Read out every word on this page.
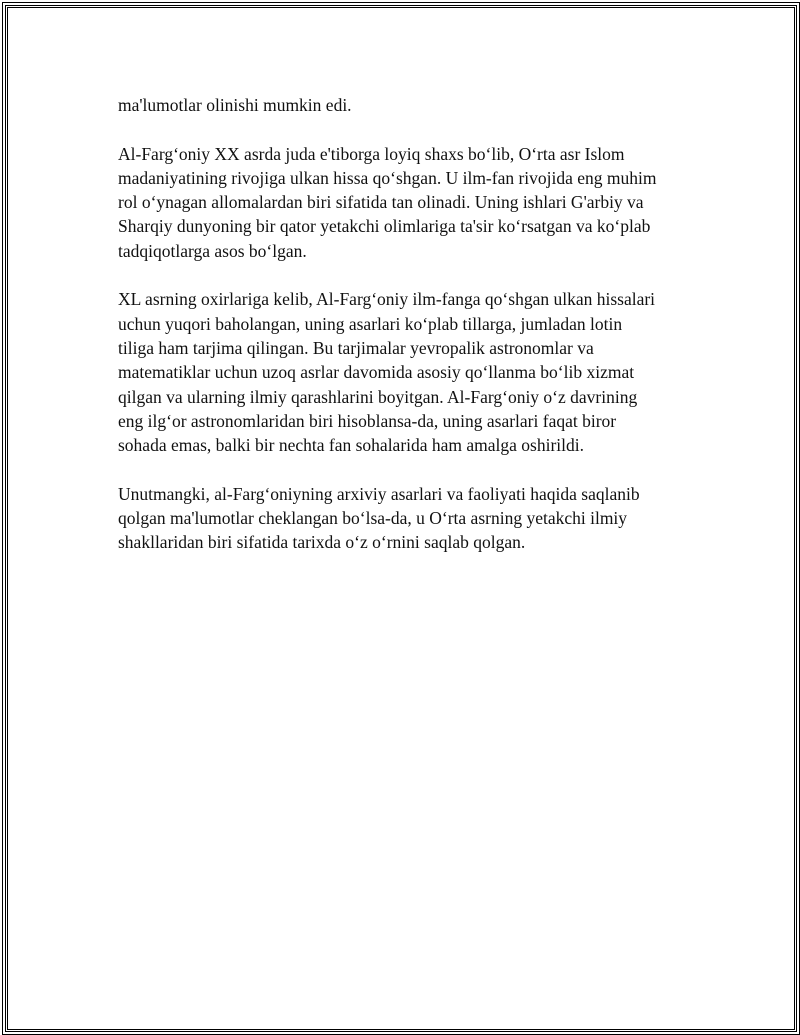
ma'lumotlar olinishi mumkin edi.

Al-Farg‘oniy XX asrda juda e'tiborga loyiq shaxs bo‘lib, O‘rta asr Islom
madaniyatining rivojiga ulkan hissa qo‘shgan. U ilm-fan rivojida eng muhim
rol o‘ynagan allomalardan biri sifatida tan olinadi. Uning ishlari G'arbiy va
Sharqiy dunyoning bir qator yetakchi olimlariga ta'sir ko‘rsatgan va ko‘plab
tadqiqotlarga asos bo‘lgan.

XL asrning oxirlariga kelib, Al-Farg‘oniy ilm-fanga qo‘shgan ulkan hissalari
uchun yuqori baholangan, uning asarlari ko‘plab tillarga, jumladan lotin
tiliga ham tarjima qilingan. Bu tarjimalar yevropalik astronomlar va
matematiklar uchun uzoq asrlar davomida asosiy qo‘llanma bo‘lib xizmat
qilgan va ularning ilmiy qarashlarini boyitgan. Al-Farg‘oniy o‘z davrining
eng ilg‘or astronomlaridan biri hisoblansa-da, uning asarlari faqat biror
sohada emas, balki bir nechta fan sohalarida ham amalga oshirildi.

Unutmangki, al-Farg‘oniyning arxiviy asarlari va faoliyati haqida saqlanib
qolgan ma'lumotlar cheklangan bo‘lsa-da, u O‘rta asrning yetakchi ilmiy
shakllaridan biri sifatida tarixda o‘z o‘rnini saqlab qolgan.
